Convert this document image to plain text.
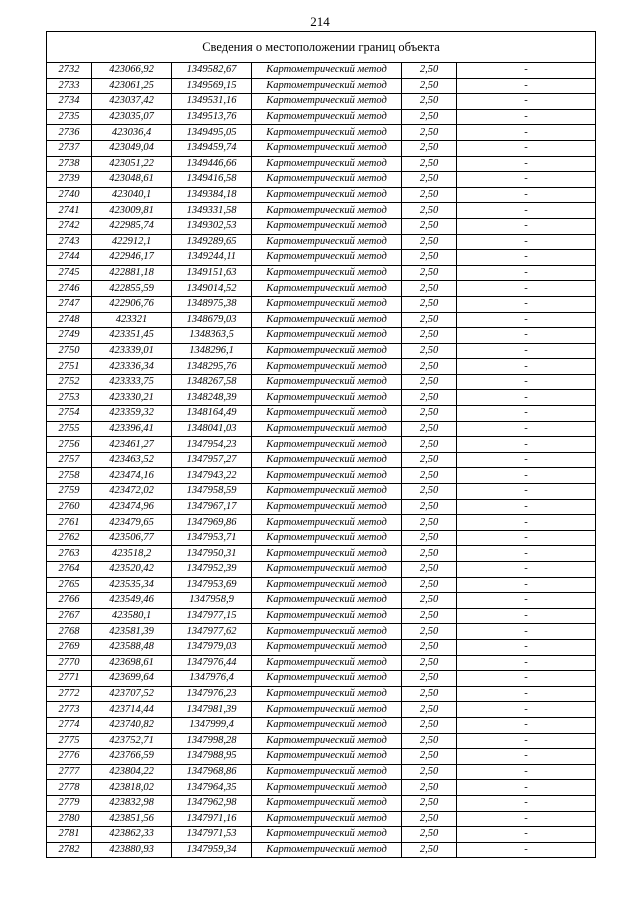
214
Сведения о местоположении границ объекта					
2732	423066,92	1349582,67	Картометрический метод	2,50	-
2733	423061,25	1349569,15	Картометрический метод	2,50	-
2734	423037,42	1349531,16	Картометрический метод	2,50	-
2735	423035,07	1349513,76	Картометрический метод	2,50	-
2736	423036,4	1349495,05	Картометрический метод	2,50	-
2737	423049,04	1349459,74	Картометрический метод	2,50	-
2738	423051,22	1349446,66	Картометрический метод	2,50	-
2739	423048,61	1349416,58	Картометрический метод	2,50	-
2740	423040,1	1349384,18	Картометрический метод	2,50	-
2741	423009,81	1349331,58	Картометрический метод	2,50	-
2742	422985,74	1349302,53	Картометрический метод	2,50	-
2743	422912,1	1349289,65	Картометрический метод	2,50	-
2744	422946,17	1349244,11	Картометрический метод	2,50	-
2745	422881,18	1349151,63	Картометрический метод	2,50	-
2746	422855,59	1349014,52	Картометрический метод	2,50	-
2747	422906,76	1348975,38	Картометрический метод	2,50	-
2748	423321	1348679,03	Картометрический метод	2,50	-
2749	423351,45	1348363,5	Картометрический метод	2,50	-
2750	423339,01	1348296,1	Картометрический метод	2,50	-
2751	423336,34	1348295,76	Картометрический метод	2,50	-
2752	423333,75	1348267,58	Картометрический метод	2,50	-
2753	423330,21	1348248,39	Картометрический метод	2,50	-
2754	423359,32	1348164,49	Картометрический метод	2,50	-
2755	423396,41	1348041,03	Картометрический метод	2,50	-
2756	423461,27	1347954,23	Картометрический метод	2,50	-
2757	423463,52	1347957,27	Картометрический метод	2,50	-
2758	423474,16	1347943,22	Картометрический метод	2,50	-
2759	423472,02	1347958,59	Картометрический метод	2,50	-
2760	423474,96	1347967,17	Картометрический метод	2,50	-
2761	423479,65	1347969,86	Картометрический метод	2,50	-
2762	423506,77	1347953,71	Картометрический метод	2,50	-
2763	423518,2	1347950,31	Картометрический метод	2,50	-
2764	423520,42	1347952,39	Картометрический метод	2,50	-
2765	423535,34	1347953,69	Картометрический метод	2,50	-
2766	423549,46	1347958,9	Картометрический метод	2,50	-
2767	423580,1	1347977,15	Картометрический метод	2,50	-
2768	423581,39	1347977,62	Картометрический метод	2,50	-
2769	423588,48	1347979,03	Картометрический метод	2,50	-
2770	423698,61	1347976,44	Картометрический метод	2,50	-
2771	423699,64	1347976,4	Картометрический метод	2,50	-
2772	423707,52	1347976,23	Картометрический метод	2,50	-
2773	423714,44	1347981,39	Картометрический метод	2,50	-
2774	423740,82	1347999,4	Картометрический метод	2,50	-
2775	423752,71	1347998,28	Картометрический метод	2,50	-
2776	423766,59	1347988,95	Картометрический метод	2,50	-
2777	423804,22	1347968,86	Картометрический метод	2,50	-
2778	423818,02	1347964,35	Картометрический метод	2,50	-
2779	423832,98	1347962,98	Картометрический метод	2,50	-
2780	423851,56	1347971,16	Картометрический метод	2,50	-
2781	423862,33	1347971,53	Картометрический метод	2,50	-
2782	423880,93	1347959,34	Картометрический метод	2,50	-
